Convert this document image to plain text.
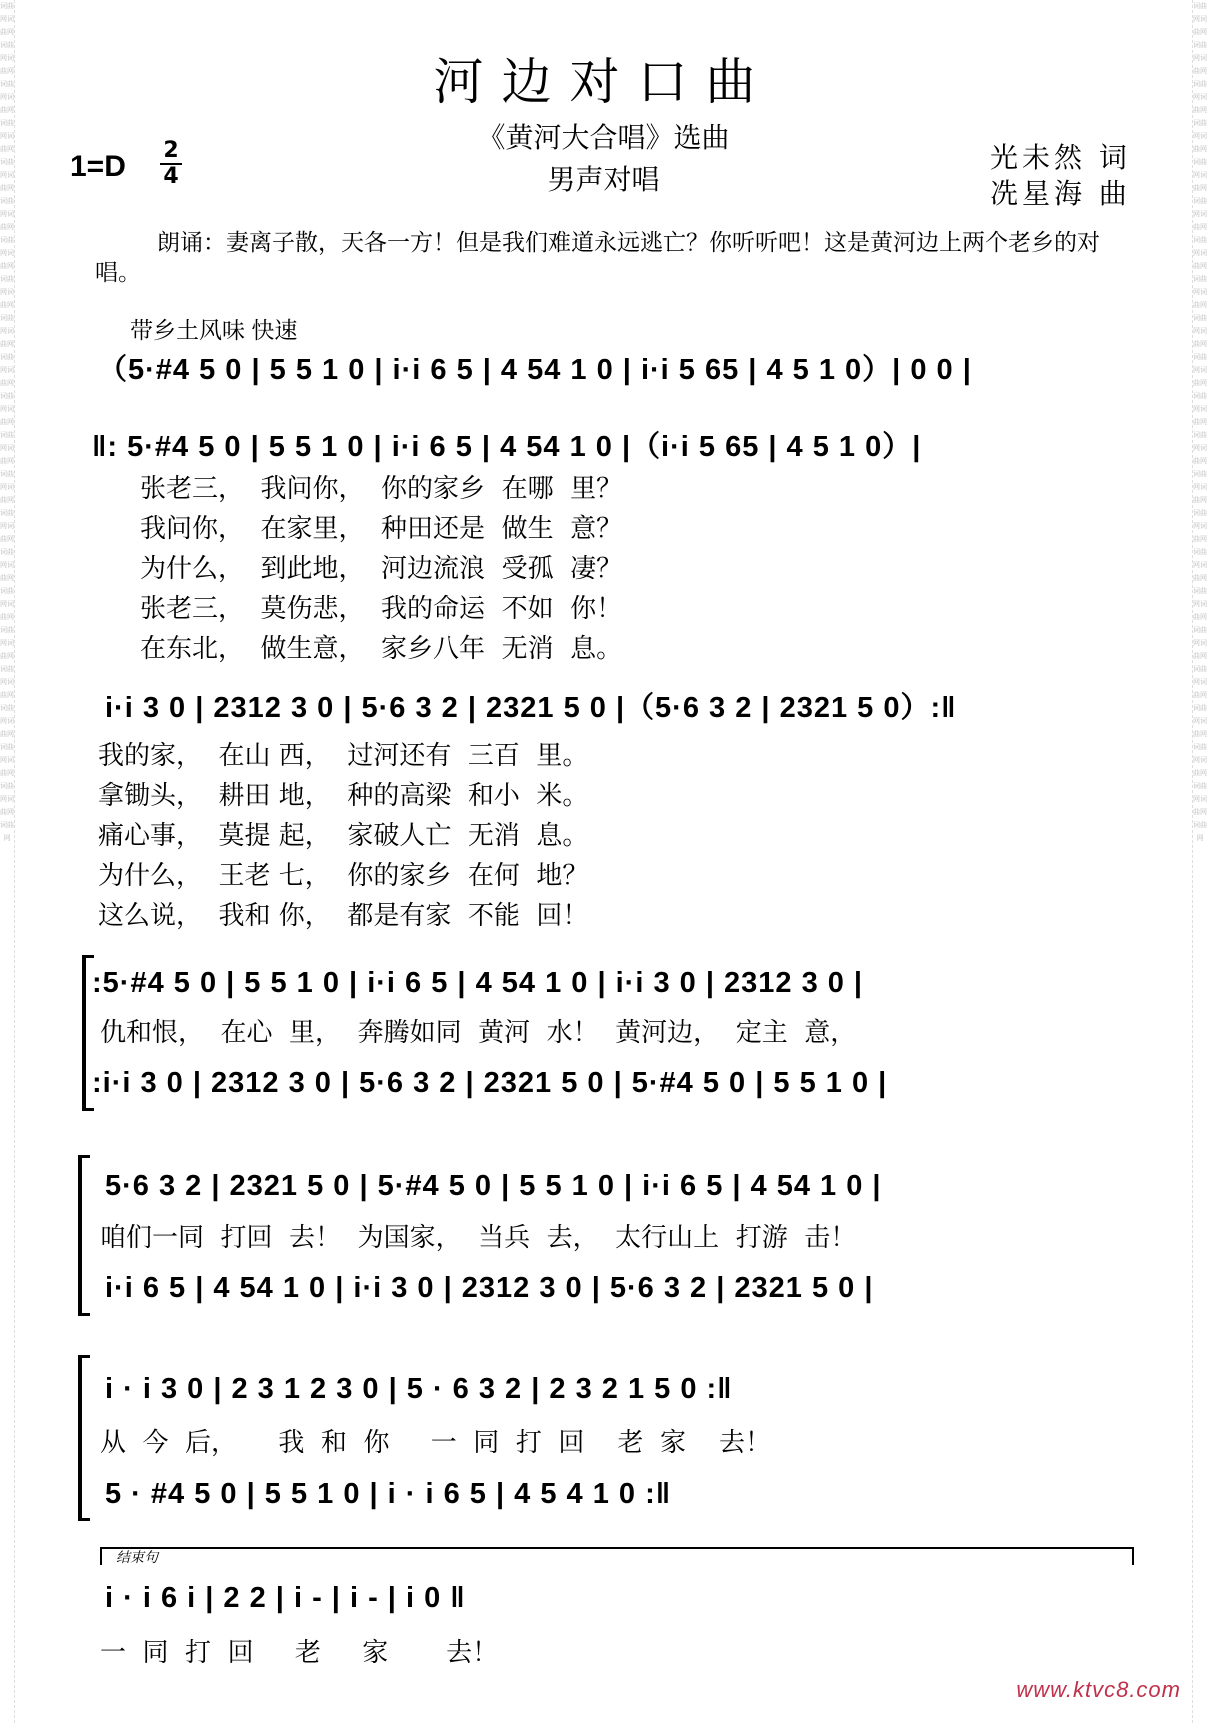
词曲网词曲网词曲网词曲网词曲网词曲网词曲网词曲网词曲网词曲网词曲网词曲网词曲网词曲网词曲网词曲网词曲网词曲网词曲网词曲网词曲网词曲网词曲网词曲网词曲网词曲网词曲网词曲网词曲网词曲网词曲网词曲网词曲网词曲网词曲网词曲网词曲网词曲网词曲网词曲网词曲网词曲网词曲网
词曲网词曲网词曲网词曲网词曲网词曲网词曲网词曲网词曲网词曲网词曲网词曲网词曲网词曲网词曲网词曲网词曲网词曲网词曲网词曲网词曲网词曲网词曲网词曲网词曲网词曲网词曲网词曲网词曲网词曲网词曲网词曲网词曲网词曲网词曲网词曲网词曲网词曲网词曲网词曲网词曲网词曲网词曲网
河边对口曲
《黄河大合唱》选曲
男声对唱
1=D 2
4
光未然 词
冼星海 曲
朗诵：妻离子散，天各一方！但是我们难道永远逃亡？你听听吧！这是黄河边上两个老乡的对唱。
带乡土风味 快速
（5·#4 5 0 | 5 5 1 0 | i·i 6 5 | 4 54 1 0 | i·i 5 65 | 4 5 1 0）| 0 0 |
‖: 5·#4 5 0 | 5 5 1 0 | i·i 6 5 | 4 54 1 0 |（i·i 5 65 | 4 5 1 0）|
张老三，  我问你，  你的家乡  在哪  里？
我问你，  在家里，  种田还是  做生  意？
为什么，  到此地，  河边流浪  受孤  凄？
张老三，  莫伤悲，  我的命运  不如  你！
在东北，  做生意，  家乡八年  无消  息。
i·i 3 0 | 2312 3 0 | 5·6 3 2 | 2321 5 0 |（5·6 3 2 | 2321 5 0）:‖
我的家，  在山 西，  过河还有  三百  里。
拿锄头，  耕田 地，  种的高梁  和小  米。
痛心事，  莫提 起，  家破人亡  无消  息。
为什么，  王老 七，  你的家乡  在何  地？
这么说，  我和 你，  都是有家  不能  回！
:5·#4 5 0 | 5 5 1 0 | i·i 6 5 | 4 54 1 0 | i·i 3 0 | 2312 3 0 |
仇和恨，  在心  里，  奔腾如同  黄河  水！  黄河边，  定主  意，
:i·i 3 0 | 2312 3 0 | 5·6 3 2 | 2321 5 0 | 5·#4 5 0 | 5 5 1 0 |
5·6 3 2 | 2321 5 0 | 5·#4 5 0 | 5 5 1 0 | i·i 6 5 | 4 54 1 0 |
咱们一同  打回  去！  为国家，  当兵  去，  太行山上  打游  击！
i·i 6 5 | 4 54 1 0 | i·i 3 0 | 2312 3 0 | 5·6 3 2 | 2321 5 0 |
i · i 3 0 | 2 3 1 2 3 0 | 5 · 6 3 2 | 2 3 2 1 5 0 :‖
从  今  后，     我  和  你     一  同  打  回    老  家    去！
5 · #4 5 0 | 5 5 1 0 | i · i 6 5 | 4 5 4 1 0 :‖
结束句
i · i 6 i | 2 2 | i - | i - | i 0 ‖
一  同  打  回     老     家       去！
www.ktvc8.com
